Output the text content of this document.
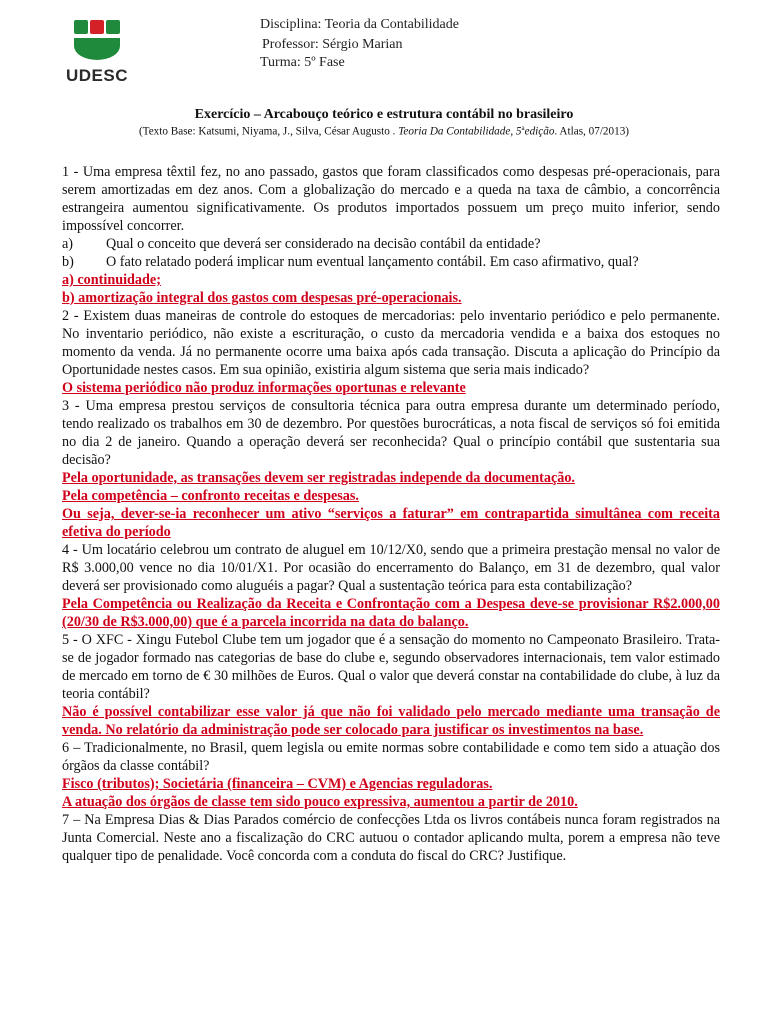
UDESC
Disciplina: Teoria da Contabilidade
Professor: Sérgio Marian
Turma: 5º Fase
Exercício – Arcabouço teórico e estrutura contábil no brasileiro
(Texto Base: Katsumi, Niyama, J., Silva, César Augusto . Teoria Da Contabilidade, 5$^a$edição. Atlas, 07/2013)

1 - Uma empresa têxtil fez, no ano passado, gastos que foram classificados como despesas pré-operacionais, para serem amortizadas em dez anos. Com a globalização do mercado e a queda na taxa de câmbio, a concorrência estrangeira aumentou significativamente. Os produtos importados possuem um preço muito inferior, sendo impossível concorrer.

a)	Qual o conceito que deverá ser considerado na decisão contábil da entidade?
b)	O fato relatado poderá implicar num eventual lançamento contábil. Em caso afirmativo, qual?

a) continuidade;

b) amortização integral dos gastos com despesas pré-operacionais.

2 - Existem duas maneiras de controle do estoques de mercadorias: pelo inventario periódico e pelo permanente. No inventario periódico, não existe a escrituração, o custo da mercadoria vendida e a baixa dos estoques no momento da venda. Já no permanente ocorre uma baixa após cada transação. Discuta a aplicação do Princípio da Oportunidade nestes casos. Em sua opinião, existiria algum sistema que seria mais indicado?

O sistema periódico não produz informações oportunas e relevante

3 - Uma empresa prestou serviços de consultoria técnica para outra empresa durante um determinado período, tendo realizado os trabalhos em 30 de dezembro. Por questões burocráticas, a nota fiscal de serviços só foi emitida no dia 2 de janeiro. Quando a operação deverá ser reconhecida? Qual o princípio contábil que sustentaria sua decisão?

Pela oportunidade, as transações devem ser registradas independe da documentação.

Pela competência – confronto receitas e despesas.

Ou seja, dever-se-ia reconhecer um ativo “serviços a faturar” em contrapartida simultânea com receita efetiva do período

4 - Um locatário celebrou um contrato de aluguel em 10/12/X0, sendo que a primeira prestação mensal no valor de R$ 3.000,00 vence no dia 10/01/X1. Por ocasião do encerramento do Balanço, em 31 de dezembro, qual valor deverá ser provisionado como aluguéis a pagar? Qual a sustentação teórica para esta contabilização?

Pela Competência ou Realização da Receita e Confrontação com a Despesa deve-se provisionar R$2.000,00 (20/30 de R$3.000,00) que é a parcela incorrida na data do balanço.

5 - O XFC - Xingu Futebol Clube tem um jogador que é a sensação do momento no Campeonato Brasileiro. Trata-se de jogador formado nas categorias de base do clube e, segundo observadores internacionais, tem valor estimado de mercado em torno de € 30 milhões de Euros. Qual o valor que deverá constar na contabilidade do clube, à luz da teoria contábil?

Não é possível contabilizar esse valor já que não foi validado pelo mercado mediante uma transação de venda. No relatório da administração pode ser colocado para justificar os investimentos na base.

6 – Tradicionalmente, no Brasil, quem legisla ou emite normas sobre contabilidade e como tem sido a atuação dos órgãos da classe contábil?

Fisco (tributos); Societária (financeira – CVM) e Agencias reguladoras.

A atuação dos órgãos de classe tem sido pouco expressiva, aumentou a partir de 2010.

7 – Na Empresa Dias & Dias Parados comércio de confecções Ltda os livros contábeis nunca foram registrados na Junta Comercial. Neste ano a fiscalização do CRC autuou o contador aplicando multa, porem a empresa não teve qualquer tipo de penalidade. Você concorda com a conduta do fiscal do CRC? Justifique.
